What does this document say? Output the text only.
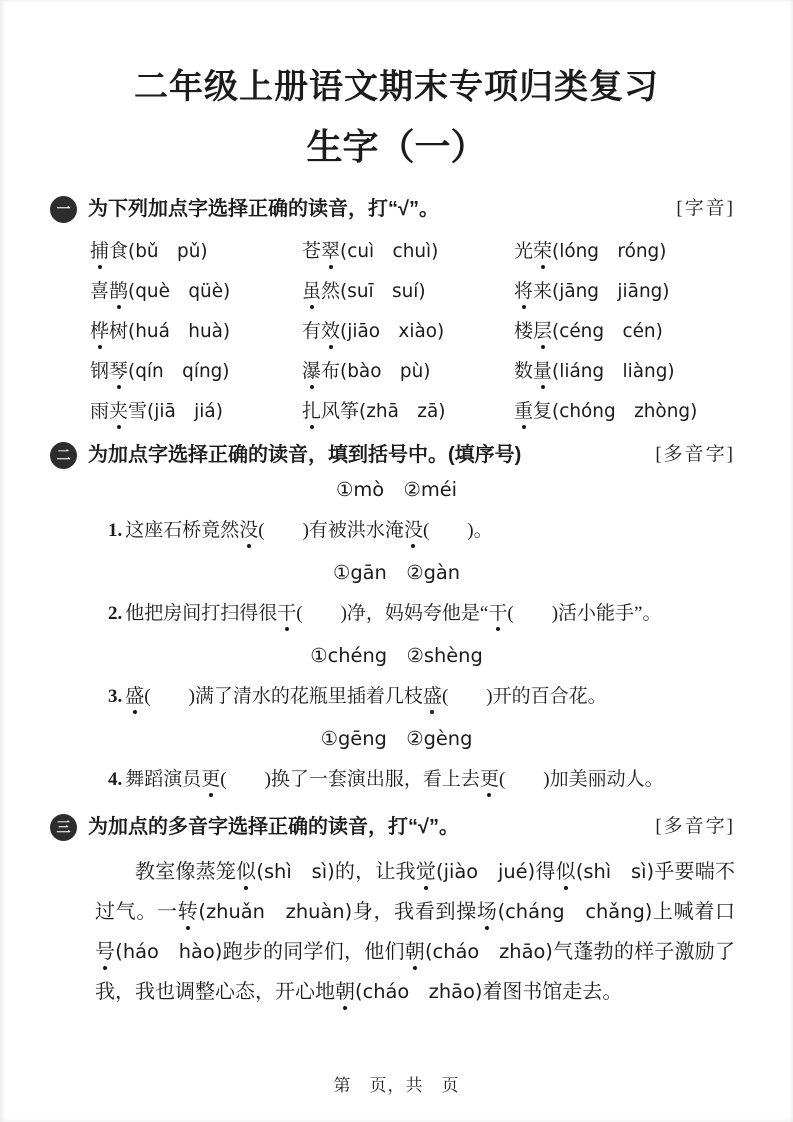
二年级上册语文期末专项归类复习
生字（一）
一 为下列加点字选择正确的读音，打“√”。	[字音]
捕食(bǔ　pǔ)	苍翠(cuì　chuì)	光荣(lóng　róng)
喜鹊(què　qüè)	虽然(suī　suí)	将来(jāng　jiāng)
桦树(huá　huà)	有效(jiāo　xiào)	楼层(céng　cén)
钢琴(qín　qíng)	瀑布(bào　pù)	数量(liáng　liàng)
雨夹雪(jiā　jiá)	扎风筝(zhā　zā)	重复(chóng　zhòng)
二 为加点字选择正确的读音，填到括号中。(填序号)	[多音字]
①mò　②méi
1. 这座石桥竟然没(　　)有被洪水淹没(　　)。
①gān　②gàn
2. 他把房间打扫得很干(　　)净，妈妈夸他是“干(　　)活小能手”。
①chéng　②shèng
3. 盛(　　)满了清水的花瓶里插着几枝盛(　　)开的百合花。
①gēng　②gèng
4. 舞蹈演员更(　　)换了一套演出服，看上去更(　　)加美丽动人。
三 为加点的多音字选择正确的读音，打“√”。	[多音字]

教室像蒸笼似(shì　sì)的，让我觉(jiào　jué)得似(shì　sì)乎要喘不过气。一转(zhuǎn　zhuàn)身，我看到操场(cháng　chǎng)上喊着口号(háo　hào)跑步的同学们，他们朝(cháo　zhāo)气蓬勃的样子激励了我，我也调整心态，开心地朝(cháo　zhāo)着图书馆走去。

第　页，共　页
